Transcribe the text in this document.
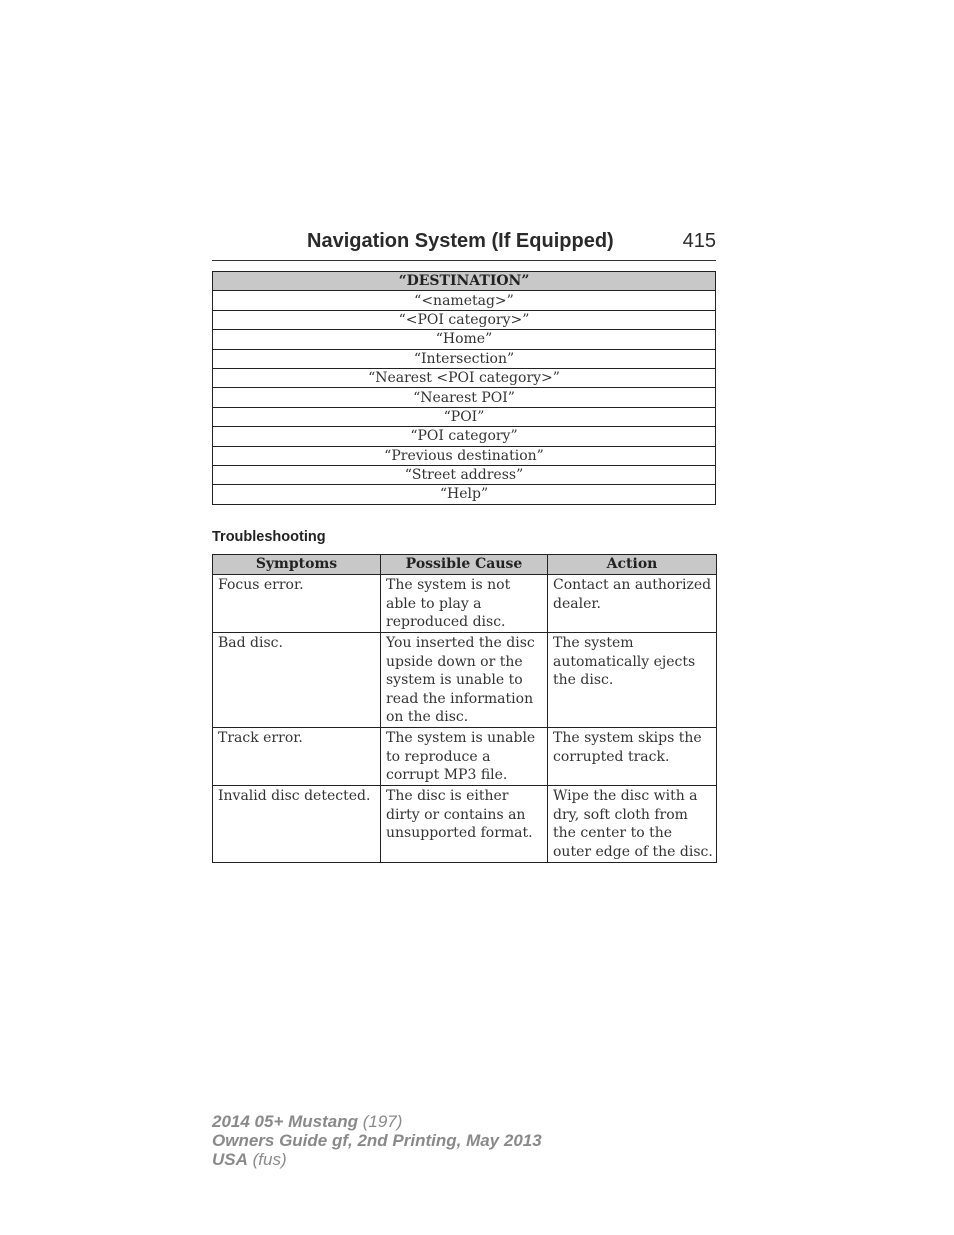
Navigation System (If Equipped)	415
“DESTINATION”
“<nametag>”
“<POI category>”
“Home”
“Intersection”
“Nearest <POI category>”
“Nearest POI”
“POI”
“POI category”
“Previous destination”
“Street address”
“Help”
Troubleshooting
Symptoms	Possible Cause	Action
Focus error.	The system is not able to play a reproduced disc.	Contact an authorized dealer.
Bad disc.	You inserted the disc upside down or the system is unable to read the information on the disc.	The system automatically ejects the disc.
Track error.	The system is unable to reproduce a corrupt MP3 file.	The system skips the corrupted track.
Invalid disc detected.	The disc is either dirty or contains an unsupported format.	Wipe the disc with a dry, soft cloth from the center to the outer edge of the disc.
2014 05+ Mustang (197)
Owners Guide gf, 2nd Printing, May 2013
USA (fus)
